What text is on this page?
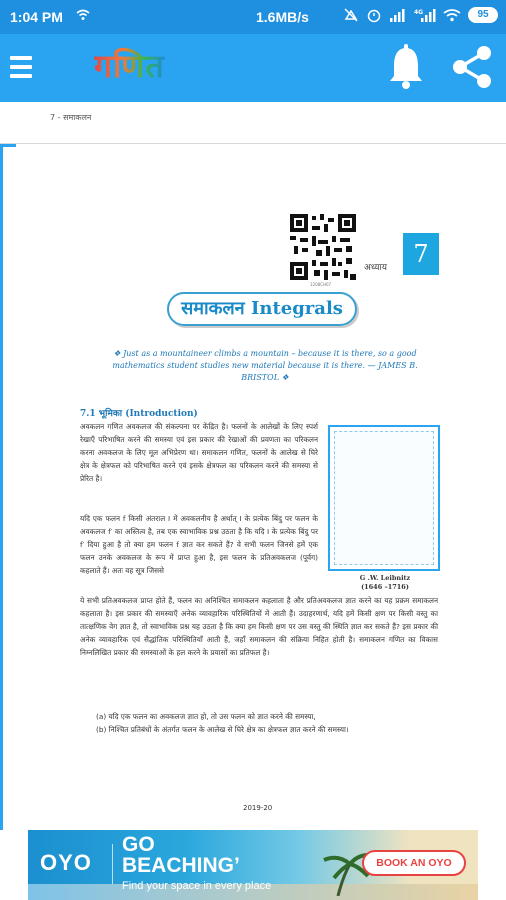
1:04 PM	1.6MB/s	4G	95
गणित
7 - समाकलन
1208CH07
अध्याय	7
समाकलन Integrals

❖ Just as a mountaineer climbs a mountain – because it is there, so a good mathematics student studies new material because it is there. — JAMES B. BRISTOL ❖

7.1 भूमिका (Introduction)

अवकलन गणित अवकलज की संकल्पना पर केंद्रित है। फलनों के आलेखों के लिए स्पर्श रेखाएँ परिभाषित करने की समस्या एवं इस प्रकार की रेखाओं की प्रवणता का परिकलन करना अवकलज के लिए मूल अभिप्रेरण था। समाकलन गणित, फलनों के आलेख से घिरे क्षेत्र के क्षेत्रफल को परिभाषित करने एवं इसके क्षेत्रफल का परिकलन करने की समस्या से प्रेरित है।

यदि एक फलन f किसी अंतराल I में अवकलनीय है अर्थात् I के प्रत्येक बिंदु पर फलन के अवकलज f′ का अस्तित्व है, तब एक स्वाभाविक प्रश्न उठता है कि यदि I के प्रत्येक बिंदु पर f′ दिया हुआ है तो क्या हम फलन f ज्ञात कर सकते हैं? वे सभी फलन जिनसे हमें एक फलन उनके अवकलज के रूप में प्राप्त हुआ है, इस फलन के प्रतिअवकलज (पूर्वग) कहलाते हैं। अतः वह सूत्र जिससे

ये सभी प्रतिअवकलज प्राप्त होते हैं, फलन का अनिश्चित समाकलन कहलाता है और प्रतिअवकलज ज्ञात करने का यह प्रक्रम समाकलन कहलाता है। इस प्रकार की समस्याएँ अनेक व्यावहारिक परिस्थितियों में आती हैं। उदाहरणार्थ, यदि हमें किसी क्षण पर किसी वस्तु का तात्क्षणिक वेग ज्ञात है, तो स्वाभाविक प्रश्न यह उठता है कि क्या हम किसी क्षण पर उस वस्तु की स्थिति ज्ञात कर सकते हैं? इस प्रकार की अनेक व्यावहारिक एवं सैद्धांतिक परिस्थितियाँ आती हैं, जहाँ समाकलन की संक्रिया निहित होती है। समाकलन गणित का विकास निम्नलिखित प्रकार की समस्याओं के हल करने के प्रयासों का प्रतिफल है।

(a) यदि एक फलन का अवकलज ज्ञात हो, तो उस फलन को ज्ञात करने की समस्या,
(b) निश्चित प्रतिबंधों के अंतर्गत फलन के आलेख से घिरे क्षेत्र का क्षेत्रफल ज्ञात करने की समस्या।
G .W. Leibnitz
(1646 –1716)
2019-20
OYO
GO
BEACHING’
Find your space in every place
BOOK AN OYO
